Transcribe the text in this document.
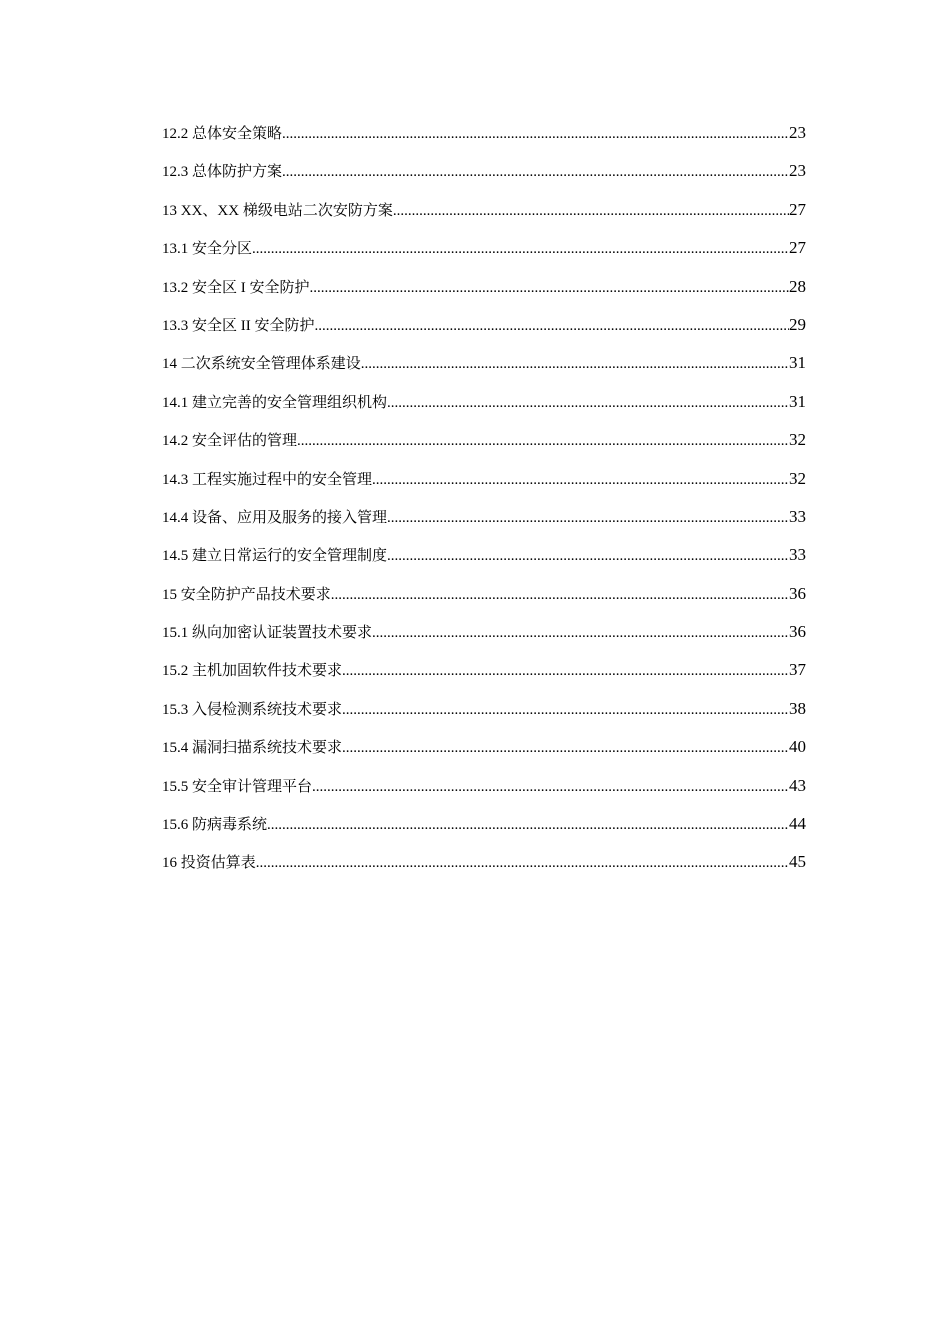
12.2 总体安全策略 .....	23
12.3 总体防护方案 .....	23
13 XX、XX 梯级电站二次安防方案 .....	27
13.1 安全分区 .....	27
13.2 安全区 I 安全防护 .....	28
13.3 安全区 II 安全防护 .....	29
14 二次系统安全管理体系建设 .....	31
14.1 建立完善的安全管理组织机构 .....	31
14.2 安全评估的管理 .....	32
14.3 工程实施过程中的安全管理 .....	32
14.4 设备、应用及服务的接入管理 .....	33
14.5 建立日常运行的安全管理制度 .....	33
15 安全防护产品技术要求 .....	36
15.1 纵向加密认证装置技术要求 .....	36
15.2 主机加固软件技术要求 .....	37
15.3 入侵检测系统技术要求 .....	38
15.4 漏洞扫描系统技术要求 .....	40
15.5 安全审计管理平台 .....	43
15.6 防病毒系统 .....	44
16 投资估算表 .....	45
